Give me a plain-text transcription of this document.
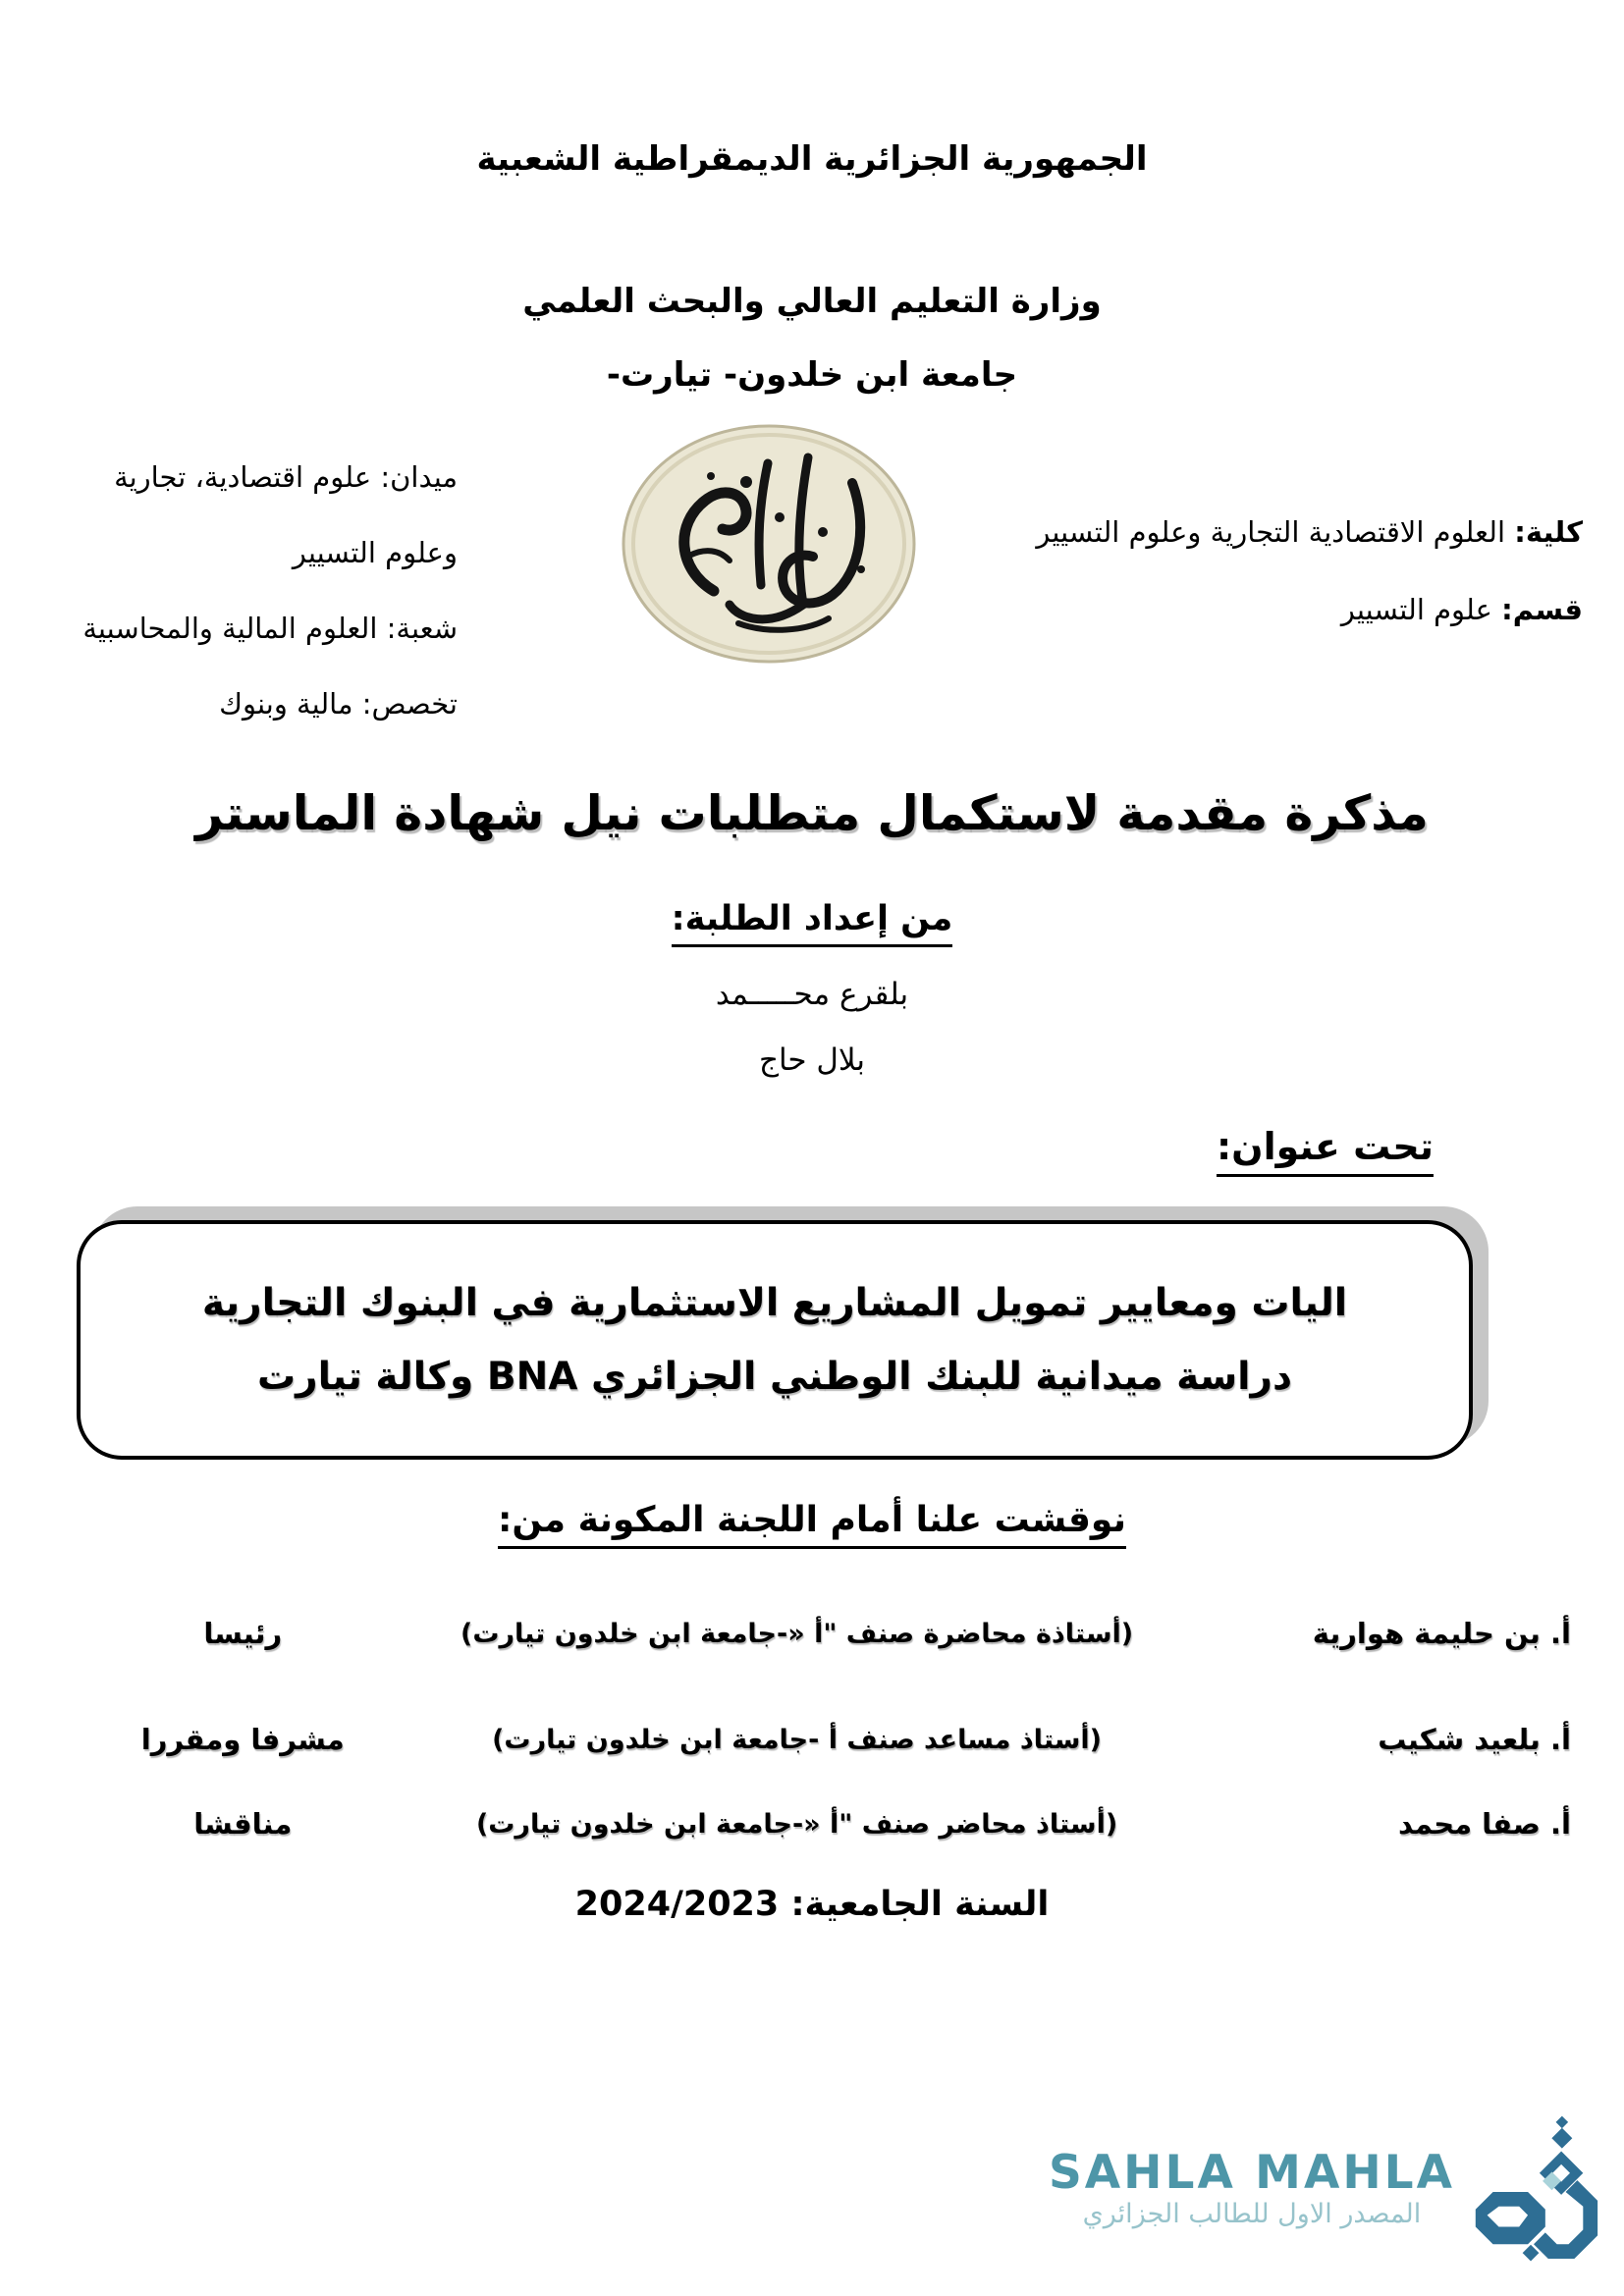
الجمهورية الجزائرية الديمقراطية الشعبية
وزارة التعليم العالي والبحث العلمي
جامعة ابن خلدون- تيارت-
ميدان: علوم اقتصادية، تجارية وعلوم التسيير
شعبة: العلوم المالية والمحاسبية
تخصص: مالية وبنوك
كلية: العلوم الاقتصادية التجارية وعلوم التسيير
قسم: علوم التسيير
مذكرة مقدمة لاستكمال متطلبات نيل شهادة الماستر
من إعداد الطلبة:
بلقرع محـــــمد
بلال حاج
تحت عنوان:
اليات ومعايير تمويل المشاريع الاستثمارية في البنوك التجارية
دراسة ميدانية للبنك الوطني الجزائري BNA وكالة تيارت
نوقشت علنا أمام اللجنة المكونة من:
أ. بن حليمة هوارية
(أستاذة محاضرة صنف "أ «-جامعة ابن خلدون تيارت)
رئيسا
أ. بلعيد شكيب
(أستاذ مساعد صنف أ -جامعة ابن خلدون تيارت)
مشرفا ومقررا
أ. صفا محمد
(أستاذ محاضر صنف "أ «-جامعة ابن خلدون تيارت)
مناقشا
السنة الجامعية: 2024/2023
SAHLA MAHLA
المصدر الاول للطالب الجزائري
